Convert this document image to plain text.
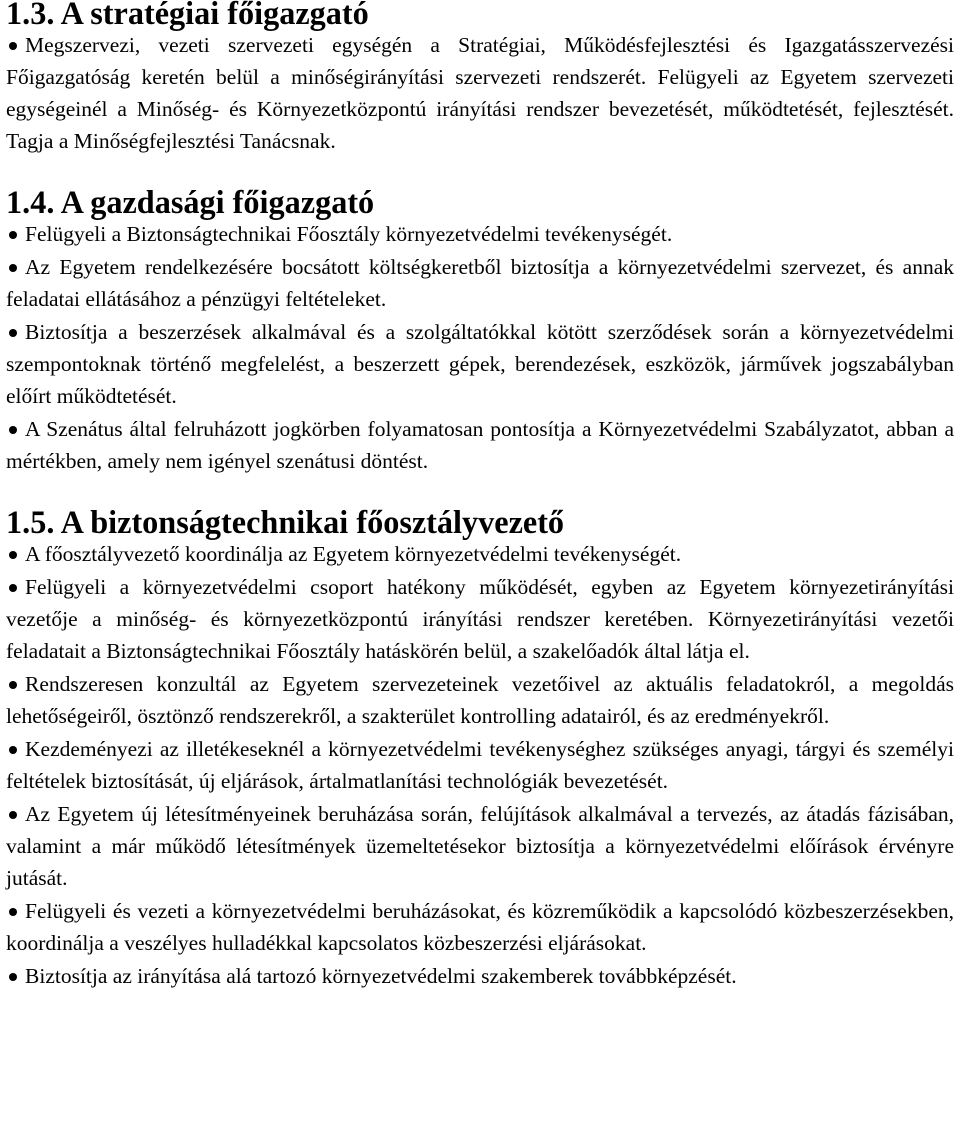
1.3. A stratégiai főigazgató
Megszervezi, vezeti szervezeti egységén a Stratégiai, Működésfejlesztési és Igazgatásszervezési Főigazgatóság keretén belül a minőségirányítási szervezeti rendszerét. Felügyeli az Egyetem szervezeti egységeinél a Minőség- és Környezetközpontú irányítási rendszer bevezetését, működtetését, fejlesztését. Tagja a Minőségfejlesztési Tanácsnak.
1.4. A gazdasági főigazgató
Felügyeli a Biztonságtechnikai Főosztály környezetvédelmi tevékenységét.
Az Egyetem rendelkezésére bocsátott költségkeretből biztosítja a környezetvédelmi szervezet, és annak feladatai ellátásához a pénzügyi feltételeket.
Biztosítja a beszerzések alkalmával és a szolgáltatókkal kötött szerződések során a környezetvédelmi szempontoknak történő megfelelést, a beszerzett gépek, berendezések, eszközök, járművek jogszabályban előírt működtetését.
A Szenátus által felruházott jogkörben folyamatosan pontosítja a Környezetvédelmi Szabályzatot, abban a mértékben, amely nem igényel szenátusi döntést.
1.5. A biztonságtechnikai főosztályvezető
A főosztályvezető koordinálja az Egyetem környezetvédelmi tevékenységét.
Felügyeli a környezetvédelmi csoport hatékony működését, egyben az Egyetem környezetirányítási vezetője a minőség- és környezetközpontú irányítási rendszer keretében. Környezetirányítási vezetői feladatait a Biztonságtechnikai Főosztály hatáskörén belül, a szakelőadók által látja el.
Rendszeresen konzultál az Egyetem szervezeteinek vezetőivel az aktuális feladatokról, a megoldás lehetőségeiről, ösztönző rendszerekről, a szakterület kontrolling adatairól, és az eredményekről.
Kezdeményezi az illetékeseknél a környezetvédelmi tevékenységhez szükséges anyagi, tárgyi és személyi feltételek biztosítását, új eljárások, ártalmatlanítási technológiák bevezetését.
Az Egyetem új létesítményeinek beruházása során, felújítások alkalmával a tervezés, az átadás fázisában, valamint a már működő létesítmények üzemeltetésekor biztosítja a környezetvédelmi előírások érvényre jutását.
Felügyeli és vezeti a környezetvédelmi beruházásokat, és közreműködik a kapcsolódó közbeszerzésekben, koordinálja a veszélyes hulladékkal kapcsolatos közbeszerzési eljárásokat.
Biztosítja az irányítása alá tartozó környezetvédelmi szakemberek továbbképzését.
